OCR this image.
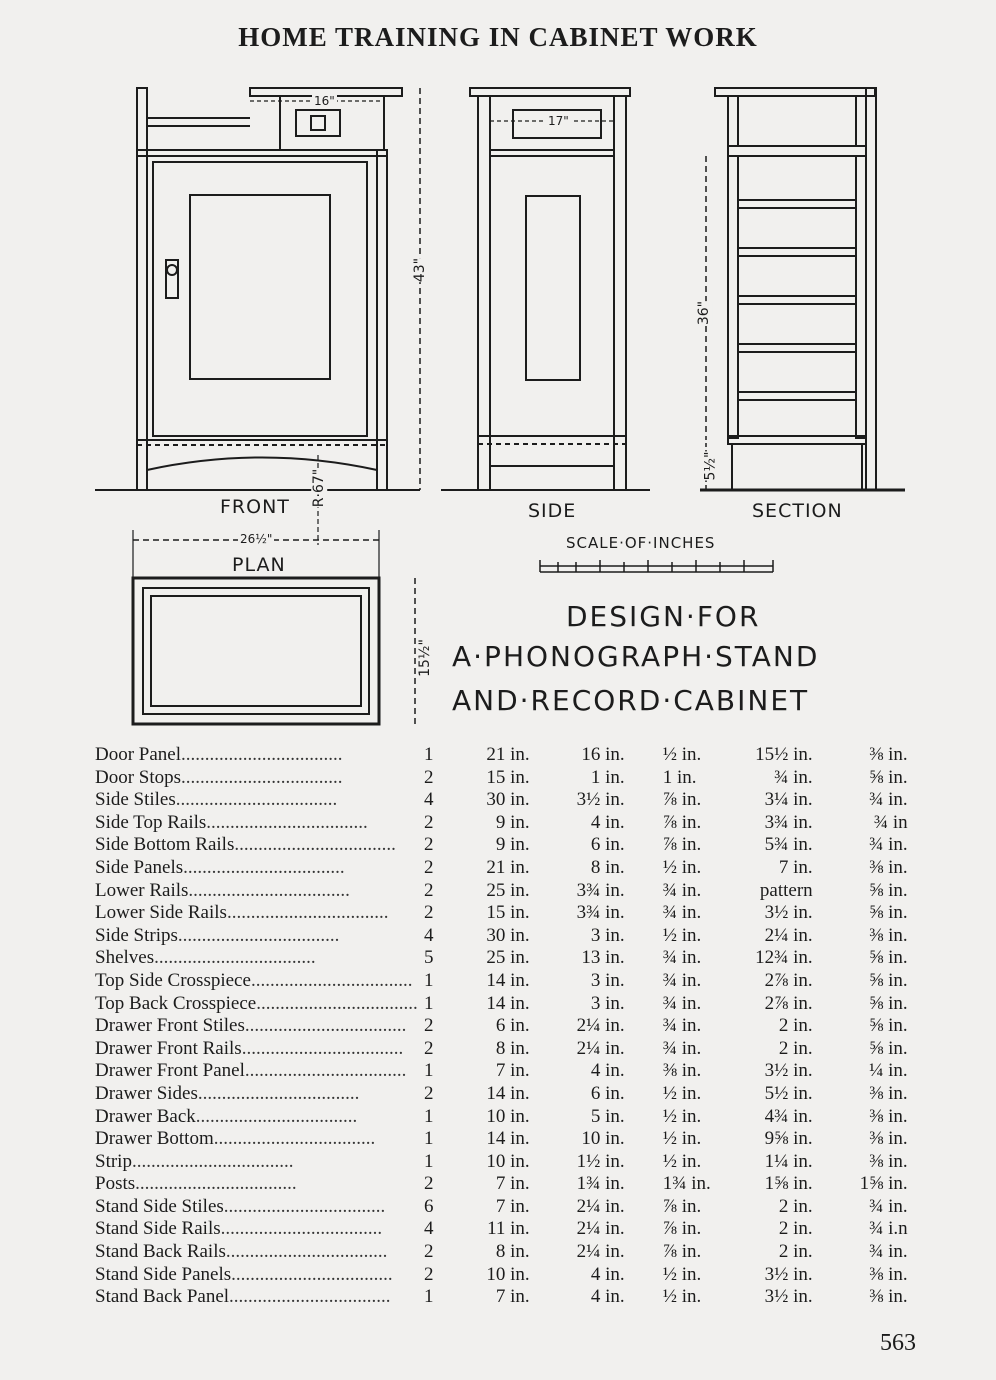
HOME TRAINING IN CABINET WORK
16"
43"
R·67"
17"
36"
5½"
26½"
15½"
FRONT	SIDE	SECTION
PLAN
SCALE·OF·INCHES
DESIGN·FOR
A·PHONOGRAPH·STAND
AND·RECORD·CABINET
Door Panel..................................	1	21 in.	16 in.	½ in.	15½ in.	⅜ in.
Door Stops..................................	2	15 in.	1 in.	1 in.	¾ in.	⅝ in.
Side Stiles..................................	4	30 in.	3½ in.	⅞ in.	3¼ in.	¾ in.
Side Top Rails..................................	2	9 in.	4 in.	⅞ in.	3¾ in.	¾ in
Side Bottom Rails..................................	2	9 in.	6 in.	⅞ in.	5¾ in.	¾ in.
Side Panels..................................	2	21 in.	8 in.	½ in.	7 in.	⅜ in.
Lower Rails..................................	2	25 in.	3¾ in.	¾ in.	pattern	⅝ in.
Lower Side Rails..................................	2	15 in.	3¾ in.	¾ in.	3½ in.	⅝ in.
Side Strips..................................	4	30 in.	3 in.	½ in.	2¼ in.	⅜ in.
Shelves..................................	5	25 in.	13 in.	¾ in.	12¾ in.	⅝ in.
Top Side Crosspiece..................................	1	14 in.	3 in.	¾ in.	2⅞ in.	⅝ in.
Top Back Crosspiece..................................	1	14 in.	3 in.	¾ in.	2⅞ in.	⅝ in.
Drawer Front Stiles..................................	2	6 in.	2¼ in.	¾ in.	2 in.	⅝ in.
Drawer Front Rails..................................	2	8 in.	2¼ in.	¾ in.	2 in.	⅝ in.
Drawer Front Panel..................................	1	7 in.	4 in.	⅜ in.	3½ in.	¼ in.
Drawer Sides..................................	2	14 in.	6 in.	½ in.	5½ in.	⅜ in.
Drawer Back..................................	1	10 in.	5 in.	½ in.	4¾ in.	⅜ in.
Drawer Bottom..................................	1	14 in.	10 in.	½ in.	9⅝ in.	⅜ in.
Strip..................................	1	10 in.	1½ in.	½ in.	1¼ in.	⅜ in.
Posts..................................	2	7 in.	1¾ in.	1¾ in.	1⅝ in.	1⅝ in.
Stand Side Stiles..................................	6	7 in.	2¼ in.	⅞ in.	2 in.	¾ in.
Stand Side Rails..................................	4	11 in.	2¼ in.	⅞ in.	2 in.	¾ i.n
Stand Back Rails..................................	2	8 in.	2¼ in.	⅞ in.	2 in.	¾ in.
Stand Side Panels..................................	2	10 in.	4 in.	½ in.	3½ in.	⅜ in.
Stand Back Panel..................................	1	7 in.	4 in.	½ in.	3½ in.	⅜ in.
563
